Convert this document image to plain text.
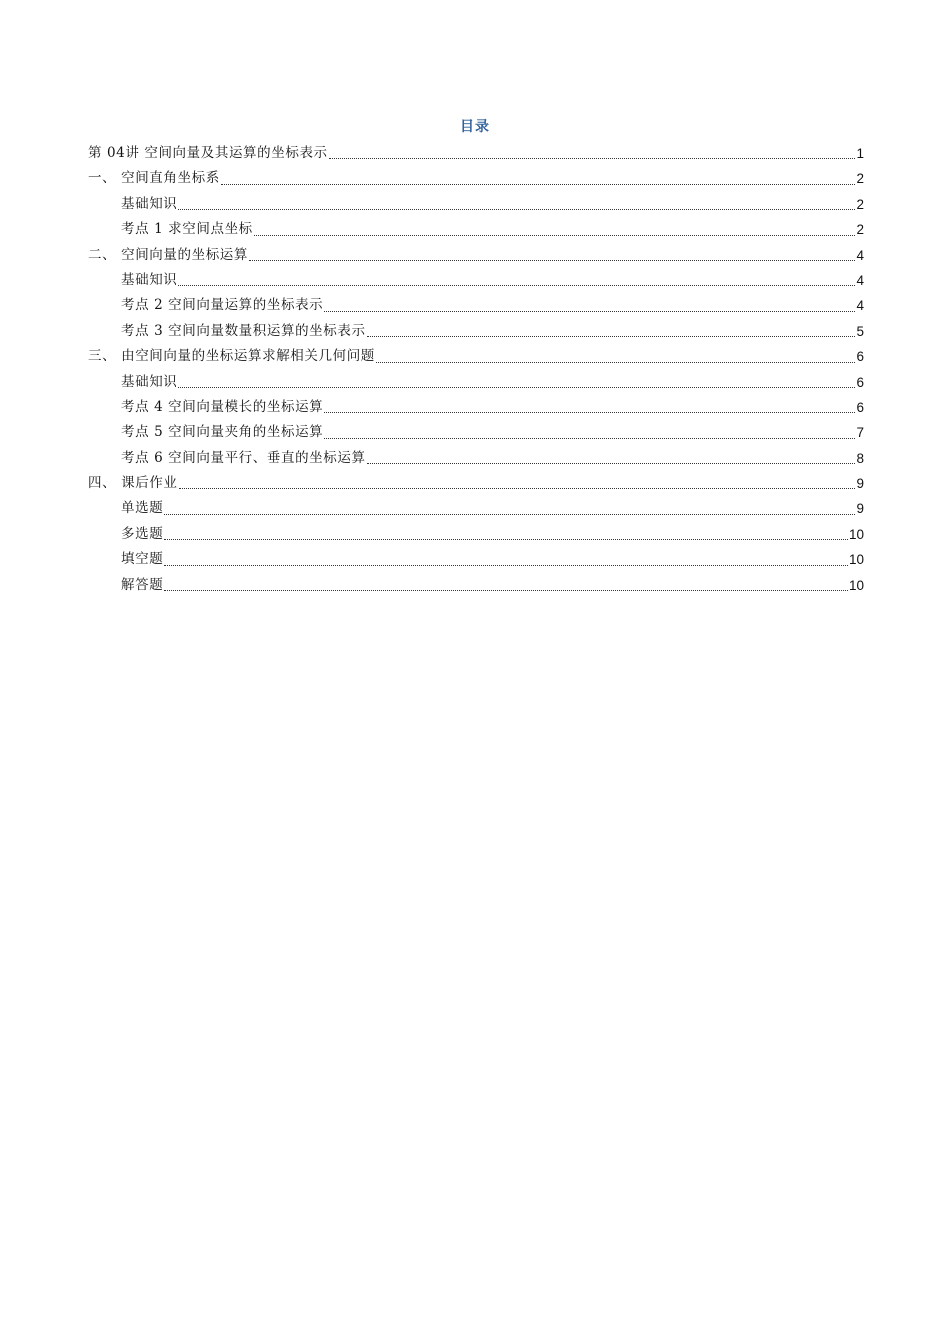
目录
第 04讲 空间向量及其运算的坐标表示	1
一、 空间直角坐标系	2
基础知识	2
考点 1 求空间点坐标	2
二、 空间向量的坐标运算	4
基础知识	4
考点 2 空间向量运算的坐标表示	4
考点 3 空间向量数量积运算的坐标表示	5
三、 由空间向量的坐标运算求解相关几何问题	6
基础知识	6
考点 4 空间向量模长的坐标运算	6
考点 5 空间向量夹角的坐标运算	7
考点 6 空间向量平行、垂直的坐标运算	8
四、 课后作业	9
单选题	9
多选题	10
填空题	10
解答题	10
